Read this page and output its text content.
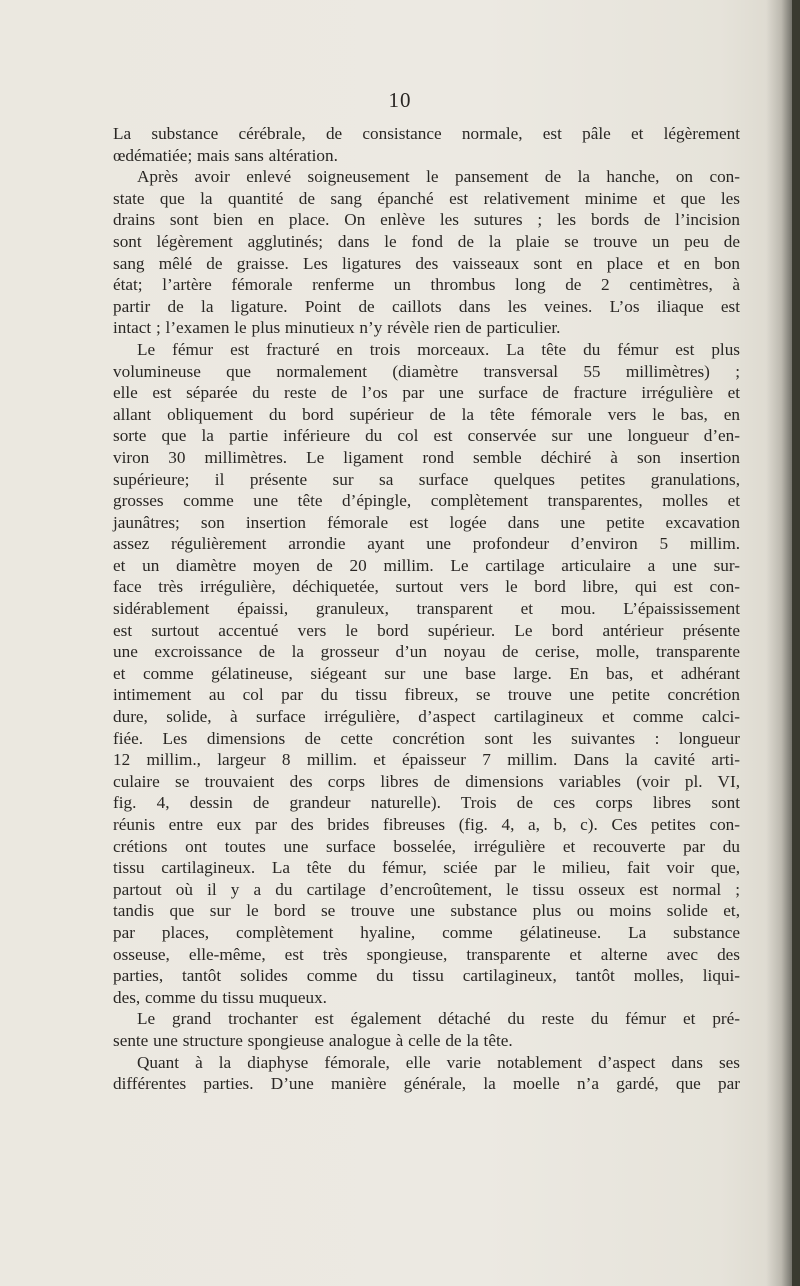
10
La substance cérébrale, de consistance normale, est pâle et légèrement
œdématiée; mais sans altération.
Après avoir enlevé soigneusement le pansement de la hanche, on con-
state que la quantité de sang épanché est relativement minime et que les
drains sont bien en place. On enlève les sutures ; les bords de l’incision
sont légèrement agglutinés; dans le fond de la plaie se trouve un peu de
sang mêlé de graisse. Les ligatures des vaisseaux sont en place et en bon
état; l’artère fémorale renferme un thrombus long de 2 centimètres, à
partir de la ligature. Point de caillots dans les veines. L’os iliaque est
intact ; l’examen le plus minutieux n’y révèle rien de particulier.
Le fémur est fracturé en trois morceaux. La tête du fémur est plus
volumineuse que normalement (diamètre transversal 55 millimètres) ;
elle est séparée du reste de l’os par une surface de fracture irrégulière et
allant obliquement du bord supérieur de la tête fémorale vers le bas, en
sorte que la partie inférieure du col est conservée sur une longueur d’en-
viron 30 millimètres. Le ligament rond semble déchiré à son insertion
supérieure; il présente sur sa surface quelques petites granulations,
grosses comme une tête d’épingle, complètement transparentes, molles et
jaunâtres; son insertion fémorale est logée dans une petite excavation
assez régulièrement arrondie ayant une profondeur d’environ 5 millim.
et un diamètre moyen de 20 millim. Le cartilage articulaire a une sur-
face très irrégulière, déchiquetée, surtout vers le bord libre, qui est con-
sidérablement épaissi, granuleux, transparent et mou. L’épaississement
est surtout accentué vers le bord supérieur. Le bord antérieur présente
une excroissance de la grosseur d’un noyau de cerise, molle, transparente
et comme gélatineuse, siégeant sur une base large. En bas, et adhérant
intimement au col par du tissu fibreux, se trouve une petite concrétion
dure, solide, à surface irrégulière, d’aspect cartilagineux et comme calci-
fiée. Les dimensions de cette concrétion sont les suivantes : longueur
12 millim., largeur 8 millim. et épaisseur 7 millim. Dans la cavité arti-
culaire se trouvaient des corps libres de dimensions variables (voir pl. VI,
fig. 4, dessin de grandeur naturelle). Trois de ces corps libres sont
réunis entre eux par des brides fibreuses (fig. 4, a, b, c). Ces petites con-
crétions ont toutes une surface bosselée, irrégulière et recouverte par du
tissu cartilagineux. La tête du fémur, sciée par le milieu, fait voir que,
partout où il y a du cartilage d’encroûtement, le tissu osseux est normal ;
tandis que sur le bord se trouve une substance plus ou moins solide et,
par places, complètement hyaline, comme gélatineuse. La substance
osseuse, elle-même, est très spongieuse, transparente et alterne avec des
parties, tantôt solides comme du tissu cartilagineux, tantôt molles, liqui-
des, comme du tissu muqueux.
Le grand trochanter est également détaché du reste du fémur et pré-
sente une structure spongieuse analogue à celle de la tête.
Quant à la diaphyse fémorale, elle varie notablement d’aspect dans ses
différentes parties. D’une manière générale, la moelle n’a gardé, que par
